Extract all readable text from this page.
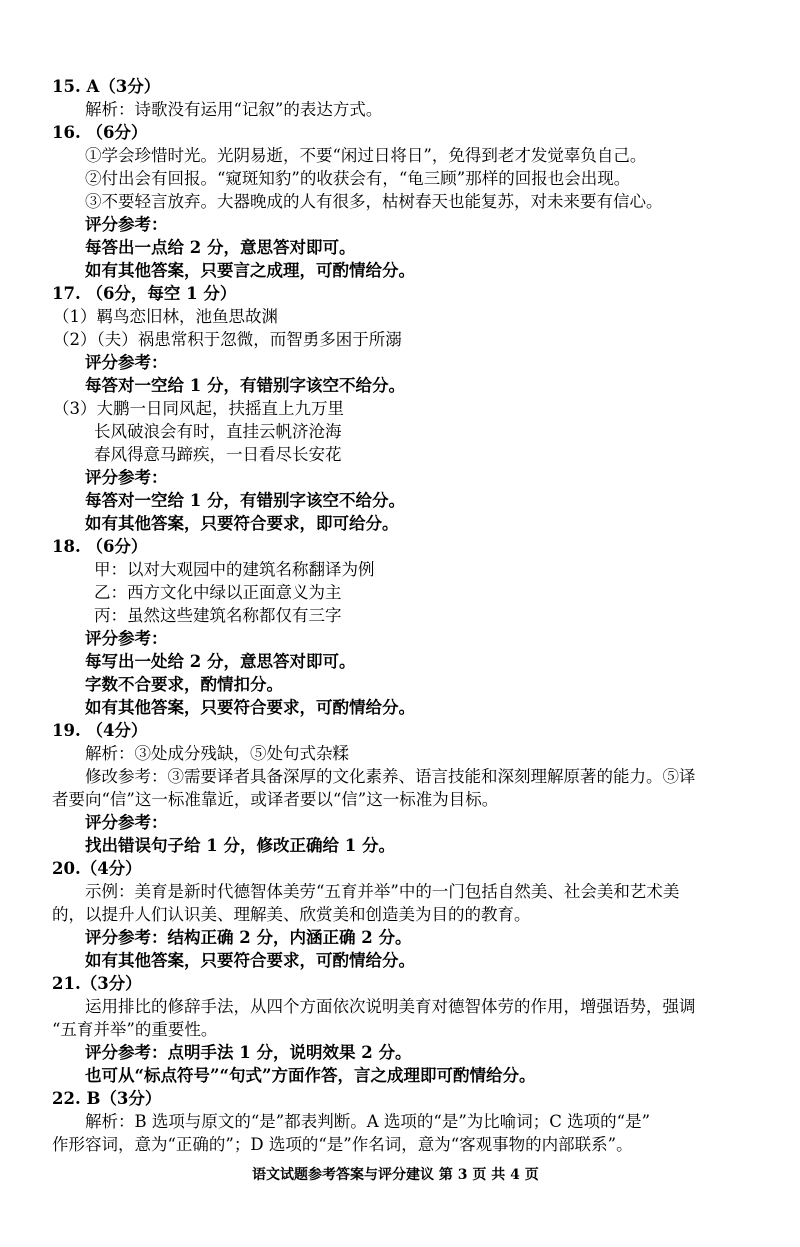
15. A（3分）
解析：诗歌没有运用“记叙”的表达方式。
16. （6分）
①学会珍惜时光。光阴易逝，不要“闲过日将日”，免得到老才发觉辜负自己。
②付出会有回报。“窥斑知豹”的收获会有，“龟三顾”那样的回报也会出现。
③不要轻言放弃。大器晚成的人有很多，枯树春天也能复苏，对未来要有信心。
评分参考：
每答出一点给 2 分，意思答对即可。
如有其他答案，只要言之成理，可酌情给分。
17. （6分，每空 1 分）
（1）羁鸟恋旧林，池鱼思故渊
（2）（夫）祸患常积于忽微，而智勇多困于所溺
评分参考：
每答对一空给 1 分，有错别字该空不给分。
（3）大鹏一日同风起，扶摇直上九万里
长风破浪会有时，直挂云帆济沧海
春风得意马蹄疾，一日看尽长安花
评分参考：
每答对一空给 1 分，有错别字该空不给分。
如有其他答案，只要符合要求，即可给分。
18. （6分）
甲：以对大观园中的建筑名称翻译为例
乙：西方文化中绿以正面意义为主
丙：虽然这些建筑名称都仅有三字
评分参考：
每写出一处给 2 分，意思答对即可。
字数不合要求，酌情扣分。
如有其他答案，只要符合要求，可酌情给分。
19. （4分）
解析：③处成分残缺，⑤处句式杂糅
修改参考：③需要译者具备深厚的文化素养、语言技能和深刻理解原著的能力。⑤译
者要向“信”这一标准靠近，或译者要以“信”这一标准为目标。
评分参考：
找出错误句子给 1 分，修改正确给 1 分。
20.（4分）
示例：美育是新时代德智体美劳“五育并举”中的一门包括自然美、社会美和艺术美
的，以提升人们认识美、理解美、欣赏美和创造美为目的的教育。
评分参考：结构正确 2 分，内涵正确 2 分。
如有其他答案，只要符合要求，可酌情给分。
21.（3分）
运用排比的修辞手法，从四个方面依次说明美育对德智体劳的作用，增强语势，强调
“五育并举”的重要性。
评分参考：点明手法 1 分，说明效果 2 分。
也可从“标点符号”“句式”方面作答，言之成理即可酌情给分。
22. B（3分）
解析：B 选项与原文的“是”都表判断。A 选项的“是”为比喻词；C 选项的“是”
作形容词，意为“正确的”；D 选项的“是”作名词，意为“客观事物的内部联系”。
语文试题参考答案与评分建议 第 3 页 共 4 页
